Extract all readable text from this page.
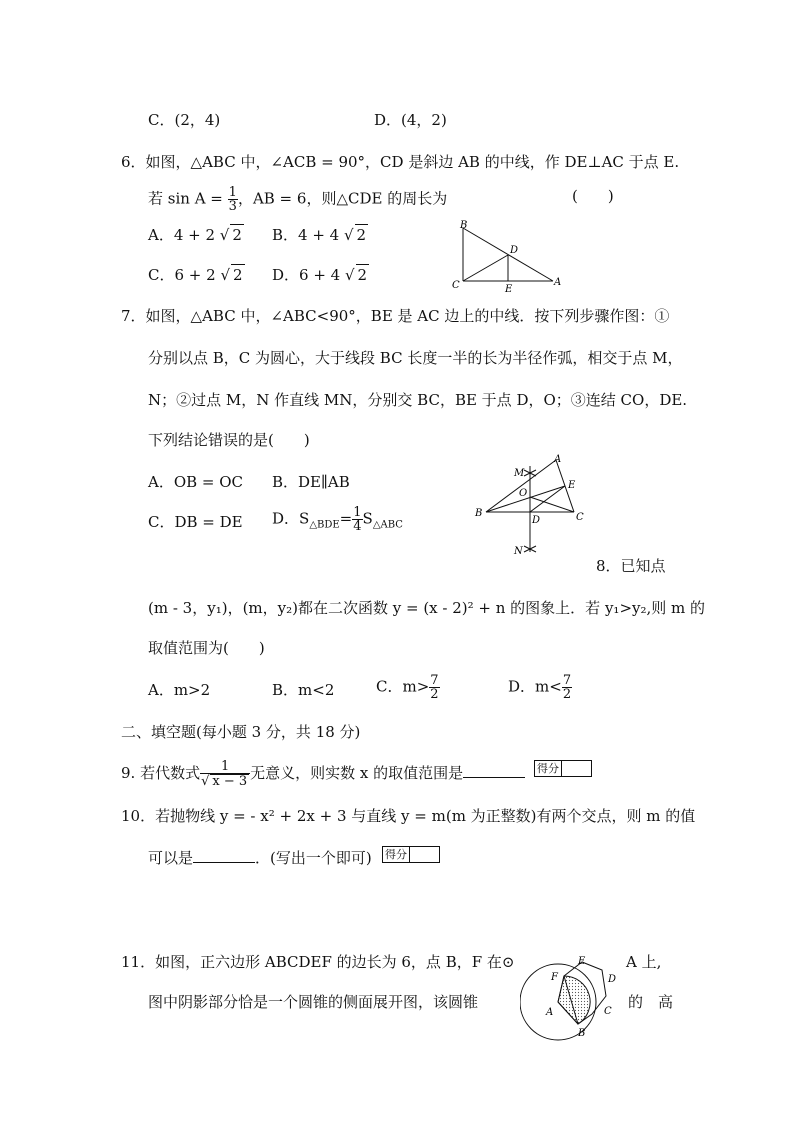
C．(2，4)	D．(4，2)
6．如图，△ABC 中，∠ACB = 90°，CD 是斜边 AB 的中线，作 DE⊥AC 于点 E.
若 $\sin A = \frac{1}{3}$ ，AB = 6，则△CDE 的周长为	(　　)
A．4 + 2 √ 2 B．4 + 4 √ 2
C．6 + 2 √ 2 D．6 + 4 √ 2
B
D
C	E
A
7．如图，△ABC 中，∠ABC<90°，BE 是 AC 边上的中线．按下列步骤作图：①
分别以点 B，C 为圆心，大于线段 BC 长度一半的长为半径作弧，相交于点 M，
N；②过点 M，N 作直线 MN，分别交 BC，BE 于点 D，O；③连结 CO，DE.
下列结论错误的是(　　)
A．OB = OC B．DE∥AB
C．DB = DE D．$S_{\triangle BDE}= \frac{1}{4} S_{\triangle ABC}$
M
A
E
O
B
D	C
N
8．已知点
(m - 3，y₁)，(m，y₂)都在二次函数 y = (x - 2)² + n 的图象上．若 y₁>y₂,则 m 的
取值范围为(　　)
A．m>2	B．m<2	C．$m> \frac{7}{2}$	D．$m< \frac{7}{2}$
二、填空题(每小题 3 分，共 18 分)
9. 若代数式 $\frac{1}{√ x - 3}$ 无意义，则实数 x 的取值范围是	得分
10．若抛物线 y = - x² + 2x + 3 与直线 y = m(m 为正整数)有两个交点，则 m 的值
可以是	．(写出一个即可) 得分
11．如图，正六边形 ABCDEF 的边长为 6，点 B，F 在⊙	A 上,
图中阴影部分恰是一个圆锥的侧面展开图，该圆锥	的　高
E
D
F
A	C
B
